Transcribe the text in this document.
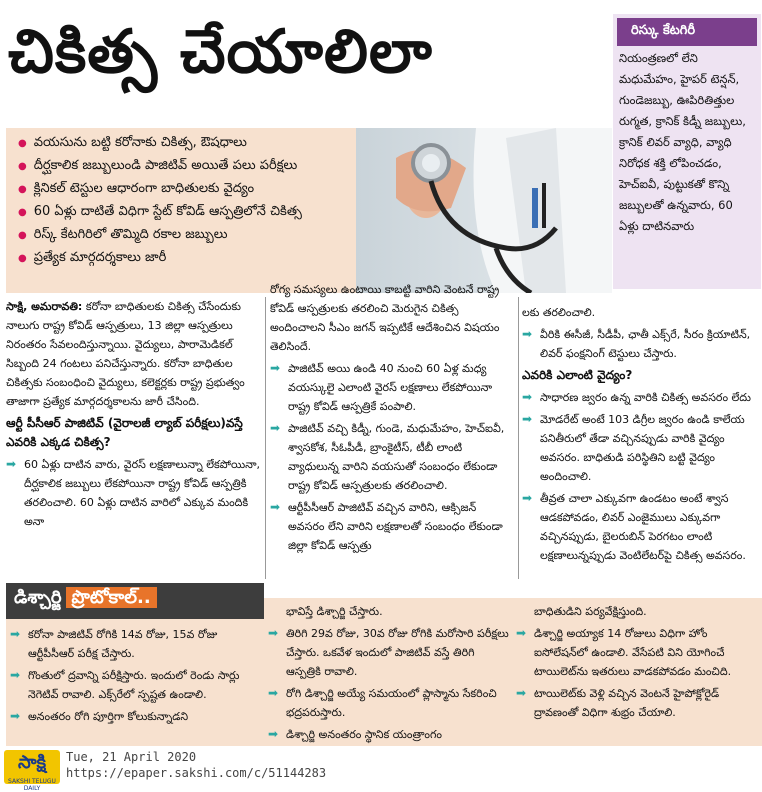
చికిత్స చేయాలిలా
● వయసును బట్టి కరోనాకు చికిత్స, ఔషధాలు
● దీర్ఘకాలిక జబ్బులుండి పాజిటివ్ అయితే పలు పరీక్షలు
● క్లినికల్ టెస్టుల ఆధారంగా బాధితులకు వైద్యం
● 60 ఏళ్లు దాటితే విధిగా స్టేట్ కోవిడ్ ఆస్పత్రిలోనే చికిత్స
● రిస్క్ కేటగిరిలో తొమ్మిది రకాల జబ్బులు
● ప్రత్యేక మార్గదర్శకాలు జారీ
రిస్కు కేటగిరీ
నియంత్రణలో లేని మధుమేహం, హైపర్ టెన్షన్, గుండెజబ్బు, ఊపిరితిత్తుల రుగ్మత, క్రానిక్ కిడ్నీ జబ్బులు, క్రానిక్ లివర్ వ్యాధి, వ్యాధి నిరోధక శక్తి లోపించడం, హెచ్ఐవీ, పుట్టుకతో కొన్ని జబ్బులతో ఉన్నవారు, 60 ఏళ్లు దాటినవారు

సాక్షి, అమరావతి: కరోనా బాధితులకు చికిత్స చేసేందుకు నాలుగు రాష్ట్ర కోవిడ్ ఆస్పత్రులు, 13 జిల్లా ఆస్పత్రులు నిరంతరం సేవలందిస్తున్నాయి. వైద్యులు, పారామెడికల్ సిబ్బంది 24 గంటలు పనిచేస్తున్నారు. కరోనా బాధితుల చికిత్సకు సంబంధించి వైద్యులు, కలెక్టర్లకు రాష్ట్ర ప్రభుత్వం తాజాగా ప్రత్యేక మార్గదర్శకాలను జారీ చేసింది.

ఆర్టీ పీసీఆర్ పాజిటివ్ (వైరాలజీ ల్యాబ్ పరీక్షలు)వస్తే ఎవరికి ఎక్కడ చికిత్స?

➡ 60 ఏళ్లు దాటిన వారు, వైరస్ లక్షణాలున్నా లేకపోయినా, దీర్ఘకాలిక జబ్బులు లేకపోయినా రాష్ట్ర కోవిడ్ ఆస్పత్రికి తరలించాలి. 60 ఏళ్లు దాటిన వారిలో ఎక్కువ మందికి అనా

రోగ్య సమస్యలు ఉంటాయి కాబట్టి వారిని వెంటనే రాష్ట్ర కోవిడ్ ఆస్పత్రులకు తరలించి మెరుగైన చికిత్స అందించాలని సీఎం జగన్ ఇప్పటికే ఆదేశించిన విషయం తెలిసిందే.

➡ పాజిటివ్ అయి ఉండి 40 నుంచి 60 ఏళ్ల మధ్య వయస్కులై ఎలాంటి వైరస్ లక్షణాలు లేకపోయినా రాష్ట్ర కోవిడ్ ఆస్పత్రికే పంపాలి.

➡ పాజిటివ్ వచ్చి కిడ్నీ, గుండె, మధుమేహం, హెచ్ఐవీ, శ్వాసకోశ, సీఓపీడీ, బ్రాంకైటీస్, టీబీ లాంటి వ్యాధులున్న వారిని వయసుతో సంబంధం లేకుండా రాష్ట్ర కోవిడ్ ఆస్పత్రులకు తరలించాలి.

➡ ఆర్టీపీసీఆర్ పాజిటివ్ వచ్చిన వారిని, ఆక్సిజన్ అవసరం లేని వారిని లక్షణాలతో సంబంధం లేకుండా జిల్లా కోవిడ్ ఆస్పత్రు

లకు తరలించాలి.

➡ వీరికి ఈసీజీ, సీడీపీ, ఛాతీ ఎక్స్‌రే, సీరం క్రియాటిన్, లివర్ ఫంక్షనింగ్ టెస్టులు చేస్తారు.

ఎవరికి ఎలాంటి వైద్యం?

➡ సాధారణ జ్వరం ఉన్న వారికి చికిత్స అవసరం లేదు

➡ మోడరేట్ అంటే 103 డిగ్రీల జ్వరం ఉండి కాలేయ పనితీరులో తేడా వచ్చినప్పుడు వారికి వైద్యం అవసరం. బాధితుడి పరిస్థితిని బట్టి వైద్యం అందించాలి.

➡ తీవ్రత చాలా ఎక్కువగా ఉండటం అంటే శ్వాస ఆడకపోవడం, లివర్ ఎంజైములు ఎక్కువగా వచ్చినప్పుడు, బైలరుబిన్ పెరగటం లాంటి లక్షణాలున్నప్పుడు వెంటిలేటర్‌పై చికిత్స అవసరం.

డిశ్చార్జి ప్రొటోకాల్..

➡ కరోనా పాజిటివ్ రోగికి 14వ రోజు, 15వ రోజు ఆర్టీపీసీఆర్ పరీక్ష చేస్తారు.

➡ గొంతులో ద్రవాన్ని పరీక్షిస్తారు. ఇందులో రెండు సార్లు నెగెటివ్ రావాలి. ఎక్స్‌రేలో స్పష్టత ఉండాలి.

➡ అనంతరం రోగి పూర్తిగా కోలుకున్నాడని

భావిస్తే డిశ్చార్జి చేస్తారు.

➡ తిరిగి 29వ రోజు, 30వ రోజు రోగికి మరోసారి పరీక్షలు చేస్తారు. ఒకవేళ ఇందులో పాజిటివ్ వస్తే తిరిగి ఆస్పత్రికి రావాలి.

➡ రోగి డిశ్చార్జి అయ్యే సమయంలో ప్లాస్మాను సేకరించి భద్రపరుస్తారు.

➡ డిశ్చార్జి అనంతరం స్థానిక యంత్రాంగం

బాధితుడిని పర్యవేక్షిస్తుంది.

➡ డిశ్చార్జి అయ్యాక 14 రోజులు విధిగా హోం ఐసోలేషన్‌లో ఉండాలి. వేసేపటి విని యోగించే టాయిలెట్‌ను ఇతరులు వాడకపోవడం మంచిది.

➡ టాయిలెట్‌కు వెళ్లి వచ్చిన వెంటనే హైపోక్లోరైడ్ ద్రావణంతో విధిగా శుభ్రం చేయాలి.

సాక్షి
SAKSHI TELUGU DAILY
Tue, 21 April 2020
https://epaper.sakshi.com/c/51144283
